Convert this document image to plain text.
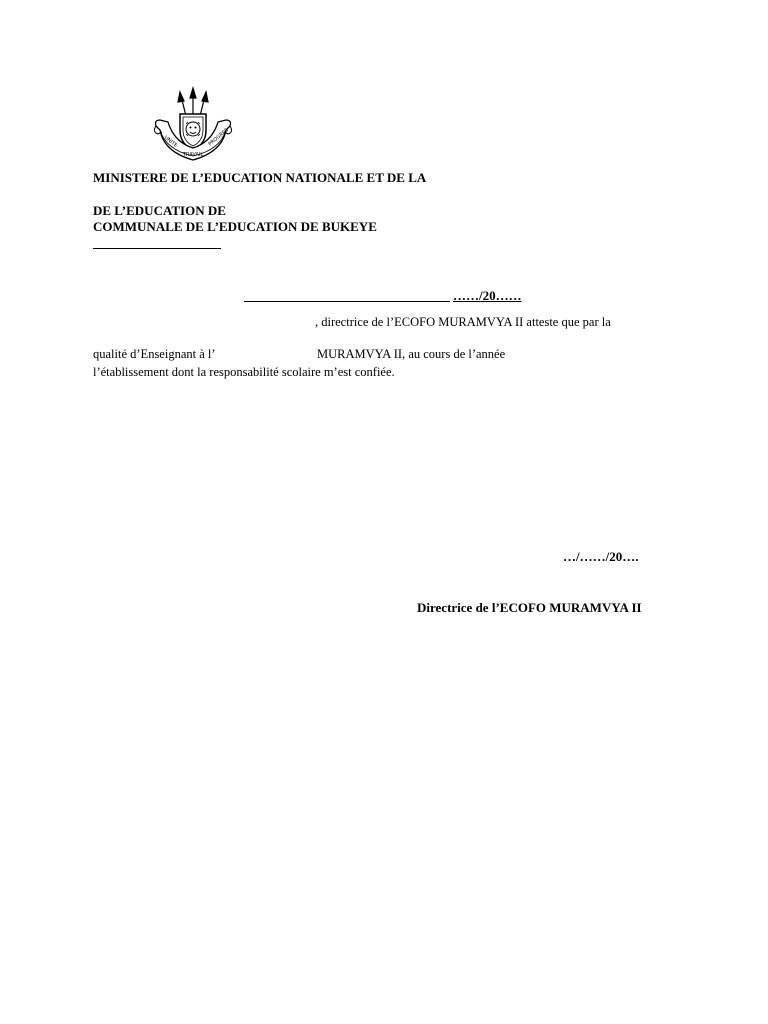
UNITE
TRAVAIL
PROGRES
MINISTERE DE L’EDUCATION NATIONALE ET DE LA
DE L’EDUCATION DE
COMMUNALE DE L’EDUCATION DE BUKEYE
……/20……
, directrice de l’ECOFO MURAMVYA II atteste que par la
qualité d’Enseignant à l’	MURAMVYA II, au cours de l’année
l’établissement dont la responsabilité scolaire m’est confiée.
…/……/20….
Directrice de l’ECOFO MURAMVYA II
